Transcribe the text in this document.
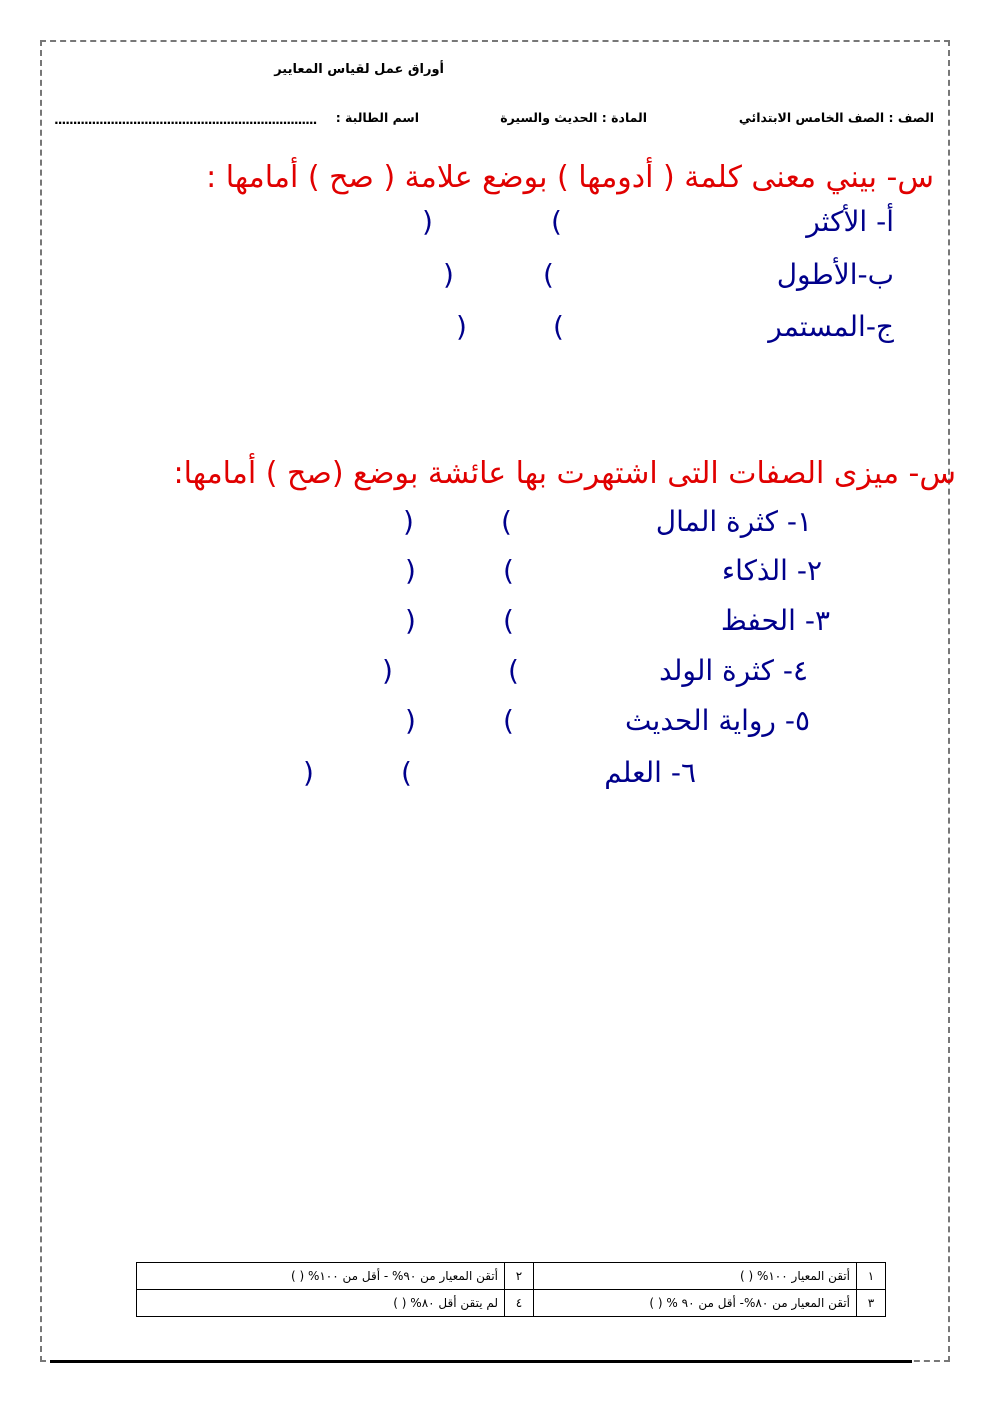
أوراق عمل لقياس المعايير
الصف : الصف الخامس الابتدائي
المادة : الحديث والسيرة
اسم الطالبة :
......................................................................
س- بيني معنى كلمة ( أدومها ) بوضع علامة ( صح ) أمامها :
أ- الأكثر
(
)
ب-الأطول
(
)
ج-المستمر
(
)
س- ميزى الصفات التى اشتهرت بها عائشة بوضع (صح ) أمامها:
١- كثرة المال
(
)
٢- الذكاء
(
)
٣- الحفظ
(
)
٤- كثرة الولد
(
)
٥- رواية الحديث
(
)
٦- العلم
(
)
١	أتقن المعيار ١٠٠% ( )	٢	أتقن المعيار من ٩٠% - أقل من ١٠٠% ( )
٣	أتقن المعيار من ٨٠%- أقل من ٩٠ % ( )	٤	لم يتقن أقل ٨٠% ( )
